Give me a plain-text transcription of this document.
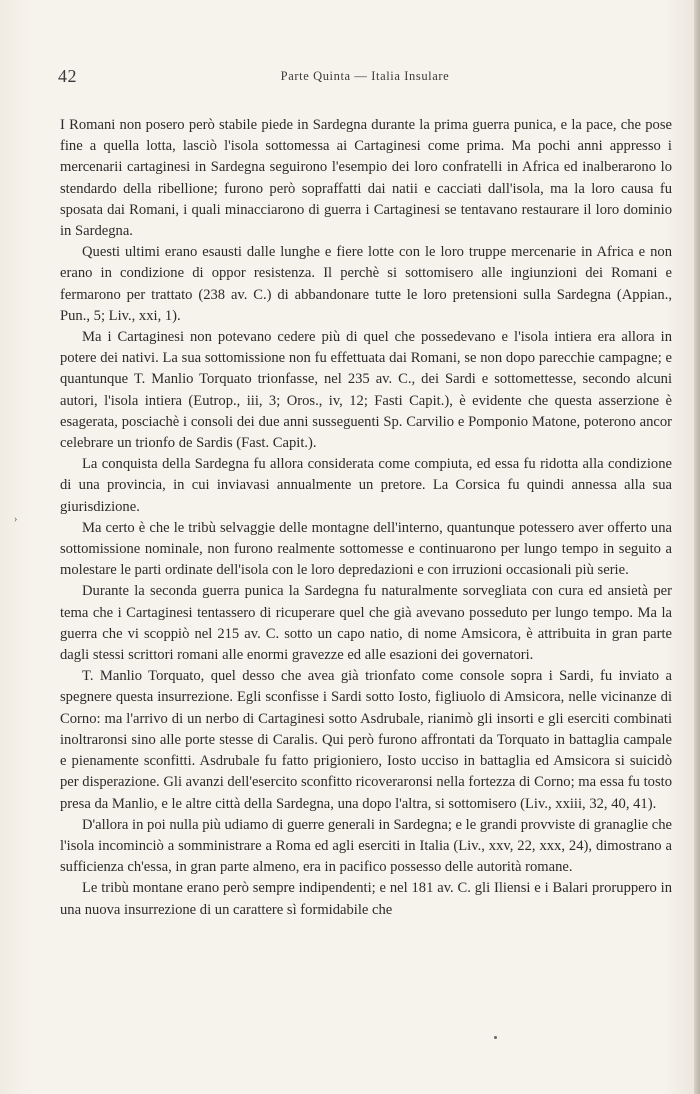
42	Parte Quinta — Italia Insulare
›

I Romani non posero però stabile piede in Sardegna durante la prima guerra punica, e la pace, che pose fine a quella lotta, lasciò l'isola sottomessa ai Cartaginesi come prima. Ma pochi anni appresso i mercenarii cartaginesi in Sardegna seguirono l'esempio dei loro confratelli in Africa ed inalberarono lo stendardo della ribellione; furono però sopraffatti dai natii e cacciati dall'isola, ma la loro causa fu sposata dai Romani, i quali minacciarono di guerra i Cartaginesi se tentavano restaurare il loro dominio in Sardegna.

Questi ultimi erano esausti dalle lunghe e fiere lotte con le loro truppe mercenarie in Africa e non erano in condizione di oppor resistenza. Il perchè si sottomisero alle ingiunzioni dei Romani e fermarono per trattato (238 av. C.) di abbandonare tutte le loro pretensioni sulla Sardegna (Appian., Pun., 5; Liv., xxi, 1).

Ma i Cartaginesi non potevano cedere più di quel che possedevano e l'isola intiera era allora in potere dei nativi. La sua sottomissione non fu effettuata dai Romani, se non dopo parecchie campagne; e quantunque T. Manlio Torquato trionfasse, nel 235 av. C., dei Sardi e sottomettesse, secondo alcuni autori, l'isola intiera (Eutrop., iii, 3; Oros., iv, 12; Fasti Capit.), è evidente che questa asserzione è esagerata, posciachè i consoli dei due anni susseguenti Sp. Carvilio e Pomponio Matone, poterono ancor celebrare un trionfo de Sardis (Fast. Capit.).

La conquista della Sardegna fu allora considerata come compiuta, ed essa fu ridotta alla condizione di una provincia, in cui inviavasi annualmente un pretore. La Corsica fu quindi annessa alla sua giurisdizione.

Ma certo è che le tribù selvaggie delle montagne dell'interno, quantunque potessero aver offerto una sottomissione nominale, non furono realmente sottomesse e continuarono per lungo tempo in seguito a molestare le parti ordinate dell'isola con le loro depredazioni e con irruzioni occasionali più serie.

Durante la seconda guerra punica la Sardegna fu naturalmente sorvegliata con cura ed ansietà per tema che i Cartaginesi tentassero di ricuperare quel che già avevano posseduto per lungo tempo. Ma la guerra che vi scoppiò nel 215 av. C. sotto un capo natio, di nome Amsicora, è attribuita in gran parte dagli stessi scrittori romani alle enormi gravezze ed alle esazioni dei governatori.

T. Manlio Torquato, quel desso che avea già trionfato come console sopra i Sardi, fu inviato a spegnere questa insurrezione. Egli sconfisse i Sardi sotto Iosto, figliuolo di Amsicora, nelle vicinanze di Corno: ma l'arrivo di un nerbo di Cartaginesi sotto Asdrubale, rianimò gli insorti e gli eserciti combinati inoltraronsi sino alle porte stesse di Caralis. Qui però furono affrontati da Torquato in battaglia campale e pienamente sconfitti. Asdrubale fu fatto prigioniero, Iosto ucciso in battaglia ed Amsicora si suicidò per disperazione. Gli avanzi dell'esercito sconfitto ricoveraronsi nella fortezza di Corno; ma essa fu tosto presa da Manlio, e le altre città della Sardegna, una dopo l'altra, si sottomisero (Liv., xxiii, 32, 40, 41).

D'allora in poi nulla più udiamo di guerre generali in Sardegna; e le grandi provviste di granaglie che l'isola incominciò a somministrare a Roma ed agli eserciti in Italia (Liv., xxv, 22, xxx, 24), dimostrano a sufficienza ch'essa, in gran parte almeno, era in pacifico possesso delle autorità romane.

Le tribù montane erano però sempre indipendenti; e nel 181 av. C. gli Iliensi e i Balari proruppero in una nuova insurrezione di un carattere sì formidabile che
